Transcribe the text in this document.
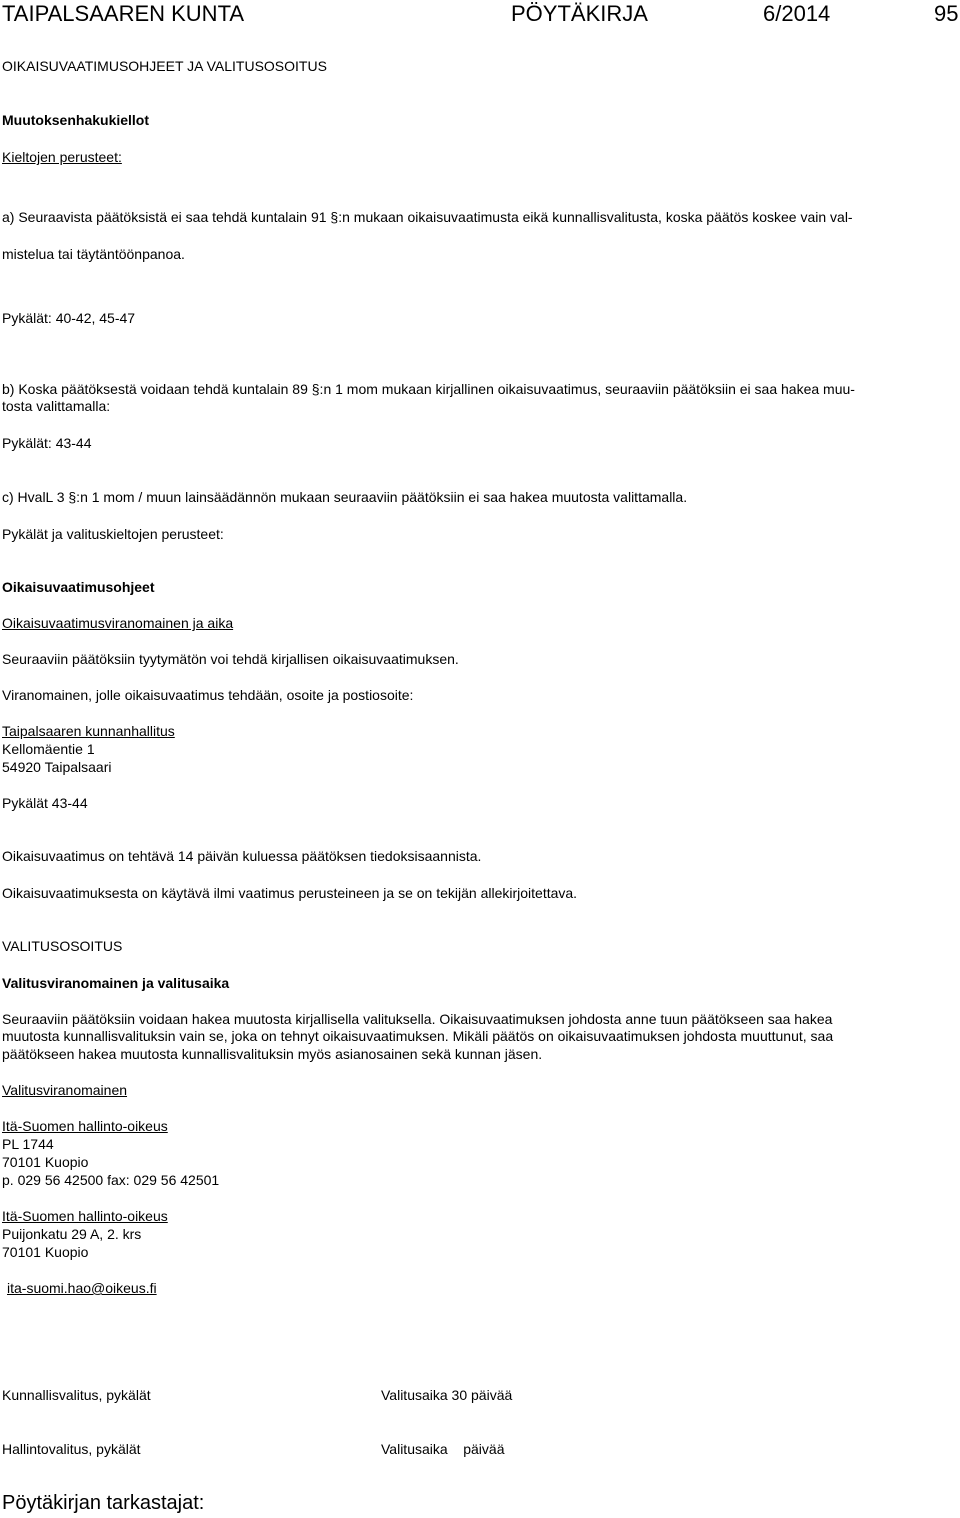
TAIPALSAAREN KUNTA	PÖYTÄKIRJA	6/2014	95

OIKAISUVAATIMUSOHJEET JA VALITUSOSOITUS

Muutoksenhakukiellot

Kieltojen perusteet:

a) Seuraavista päätöksistä ei saa tehdä kuntalain 91 §:n mukaan oikaisuvaatimusta eikä kunnallisvalitusta, koska päätös koskee vain val-

mistelua tai täytäntöönpanoa.

Pykälät: 40-42, 45-47

b) Koska päätöksestä voidaan tehdä kuntalain 89 §:n 1 mom mukaan kirjallinen oikaisuvaatimus, seuraaviin päätöksiin ei saa hakea muu-

tosta valittamalla:

Pykälät: 43-44

c) HvalL 3 §:n 1 mom / muun lainsäädännön mukaan seuraaviin päätöksiin ei saa hakea muutosta valittamalla.

Pykälät ja valituskieltojen perusteet:

Oikaisuvaatimusohjeet

Oikaisuvaatimusviranomainen ja aika

Seuraaviin päätöksiin tyytymätön voi tehdä kirjallisen oikaisuvaatimuksen.

Viranomainen, jolle oikaisuvaatimus tehdään, osoite ja postiosoite:

Taipalsaaren kunnanhallitus

Kellomäentie 1

54920 Taipalsaari

Pykälät 43-44

Oikaisuvaatimus on tehtävä 14 päivän kuluessa päätöksen tiedoksisaannista.

Oikaisuvaatimuksesta on käytävä ilmi vaatimus perusteineen ja se on tekijän allekirjoitettava.

VALITUSOSOITUS

Valitusviranomainen ja valitusaika

Seuraaviin päätöksiin voidaan hakea muutosta kirjallisella valituksella. Oikaisuvaatimuksen johdosta anne tuun päätökseen saa hakea

muutosta kunnallisvalituksin vain se, joka on tehnyt oikaisuvaatimuksen. Mikäli päätös on oikaisuvaatimuksen johdosta muuttunut, saa

päätökseen hakea muutosta kunnallisvalituksin myös asianosainen sekä kunnan jäsen.

Valitusviranomainen

Itä-Suomen hallinto-oikeus

PL 1744

70101 Kuopio

p. 029 56 42500 fax: 029 56 42501

Itä-Suomen hallinto-oikeus

Puijonkatu 29 A, 2. krs

70101 Kuopio

ita-suomi.hao@oikeus.fi

Kunnallisvalitus, pykälät	Valitusaika 30 päivää

Hallintovalitus, pykälät	Valitusaika    päivää

Pöytäkirjan tarkastajat:
